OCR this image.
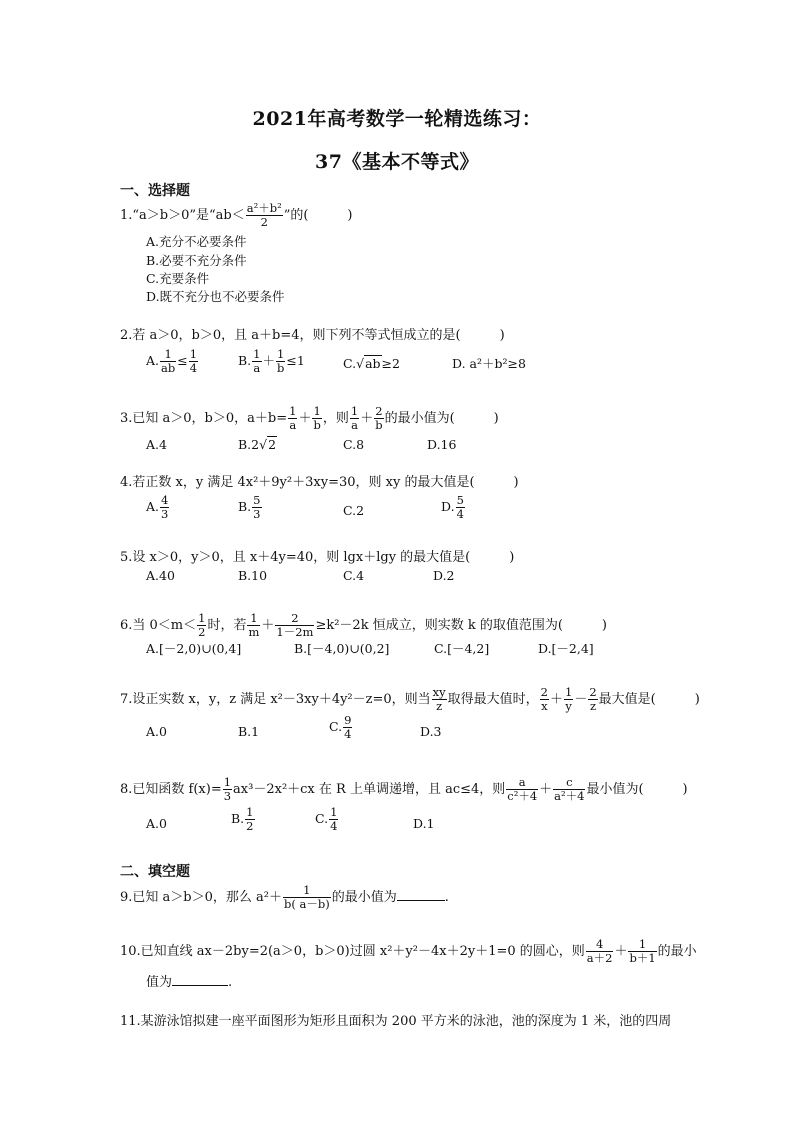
2021年高考数学一轮精选练习：
37《基本不等式》
一、选择题
1.“a＞b＞0”是“$ab< \frac{\text{a²＋b²}}{2}$ ”的(　　　)
A.充分不必要条件
B.必要不充分条件
C.充要条件
D.既不充分也不必要条件
2.若 a＞0，b＞0，且 a＋b=4，则下列不等式恒成立的是(　　　)
A. $\frac{1}{ab} \le \frac{1}{4}$	B. $\frac{1}{a} + \frac{1}{b} \le 1$	C.√ab≥2	D. a²＋b²≥8
3.已知 a＞0，b＞0，$a+b= \frac{1}{a} + \frac{1}{b}$ ，则 $\frac{1}{a} + \frac{2}{b}$ 的最小值为(　　　)
A.4	B.2√2	C.8	D.16
4.若正数 x，y 满足 4x²＋9y²＋3xy=30，则 xy 的最大值是(　　　)
A. $\frac{4}{3}$	B. $\frac{5}{3}$	C.2	D. $\frac{5}{4}$
5.设 x＞0，y＞0，且 x＋4y=40，则 lgx＋lgy 的最大值是(　　　)
A.40	B.10	C.4	D.2
6.当 $0<m< \frac{1}{2}$ 时，若 $\frac{1}{m} + \frac{2}{1-2m} \ge k^2-2k$ 恒成立，则实数 k 的取值范围为(　　　)
A.[－2,0)∪(0,4]	B.[－4,0)∪(0,2]	C.[－4,2]	D.[－2,4]
7.设正实数 x，y，z 满足 x²－3xy＋4y²－z=0，则当 $\frac{xy}{z}$ 取得最大值时， $\frac{2}{x} + \frac{1}{y} - \frac{2}{z}$ 最大值是(　　　)
A.0	B.1	C. $\frac{9}{4}$	D.3
8.已知函数 $f(x)= \frac{1}{3} ax^3-2x^2+cx$ 在 R 上单调递增，且 ac≤4，则 $\frac{a}{\text{c²＋4}} + \frac{c}{\text{a²＋4}}$ 最小值为(　　　)
A.0	B. $\frac{1}{2}$	C. $\frac{1}{4}$	D.1
二、填空题
9.已知 a＞b＞0，那么 $a^2+ \frac{1}{b( a-b)}$ 的最小值为	.
10.已知直线 ax－2by=2(a＞0，b＞0)过圆 x²＋y²－4x＋2y＋1=0 的圆心，则 $\frac{4}{a+2} + \frac{1}{b+1}$ 的最小
值为	.
11.某游泳馆拟建一座平面图形为矩形且面积为 200 平方米的泳池，池的深度为 1 米，池的四周
